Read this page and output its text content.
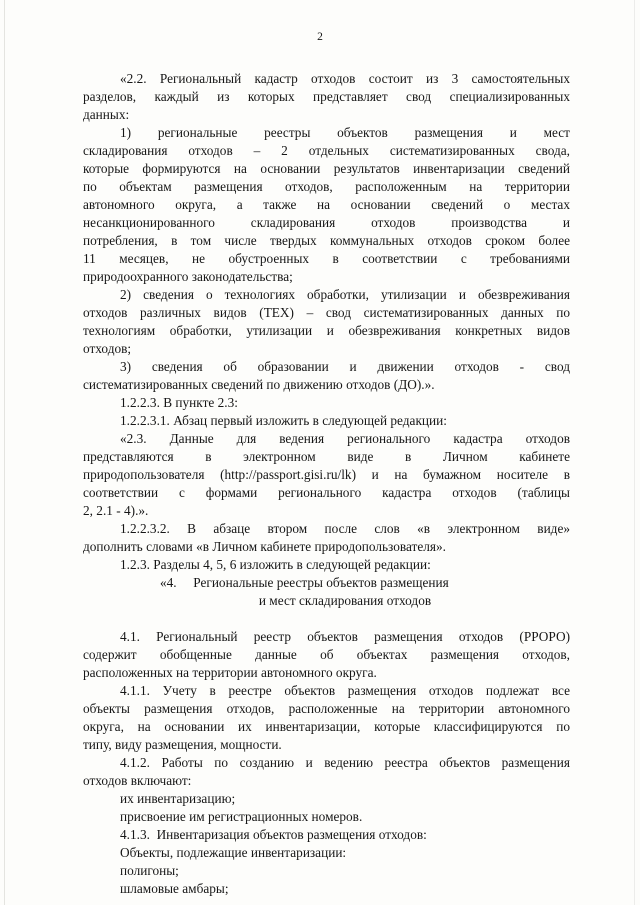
2
«2.2. Региональный кадастр отходов состоит из 3 самостоятельных
разделов, каждый из которых представляет свод специализированных
данных:
1) региональные реестры объектов размещения и мест
складирования отходов – 2 отдельных систематизированных свода,
которые формируются на основании результатов инвентаризации сведений
по объектам размещения отходов, расположенным на территории
автономного округа, а также на основании сведений о местах
несанкционированного складирования отходов производства и
потребления, в том числе твердых коммунальных отходов сроком более
11 месяцев, не обустроенных в соответствии с требованиями
природоохранного законодательства;
2) сведения о технологиях обработки, утилизации и обезвреживания
отходов различных видов (ТЕХ) – свод систематизированных данных по
технологиям обработки, утилизации и обезвреживания конкретных видов
отходов;
3) сведения об образовании и движении отходов - свод
систематизированных сведений по движению отходов (ДО).».
1.2.2.3. В пункте 2.3:
1.2.2.3.1. Абзац первый изложить в следующей редакции:
«2.3. Данные для ведения регионального кадастра отходов
представляются в электронном виде в Личном кабинете
природопользователя (http://passport.gisi.ru/lk) и на бумажном носителе в
соответствии с формами регионального кадастра отходов (таблицы
2, 2.1 - 4).».
1.2.2.3.2. В абзаце втором после слов «в электронном виде»
дополнить словами «в Личном кабинете природопользователя».
1.2.3. Разделы 4, 5, 6 изложить в следующей редакции:
«4.     Региональные реестры объектов размещения
и мест складирования отходов
4.1. Региональный реестр объектов размещения отходов (РРОРО)
содержит обобщенные данные об объектах размещения отходов,
расположенных на территории автономного округа.
4.1.1. Учету в реестре объектов размещения отходов подлежат все
объекты размещения отходов, расположенные на территории автономного
округа, на основании их инвентаризации, которые классифицируются по
типу, виду размещения, мощности.
4.1.2. Работы по созданию и ведению реестра объектов размещения
отходов включают:
их инвентаризацию;
присвоение им регистрационных номеров.
4.1.3.  Инвентаризация объектов размещения отходов:
Объекты, подлежащие инвентаризации:
полигоны;
шламовые амбары;
